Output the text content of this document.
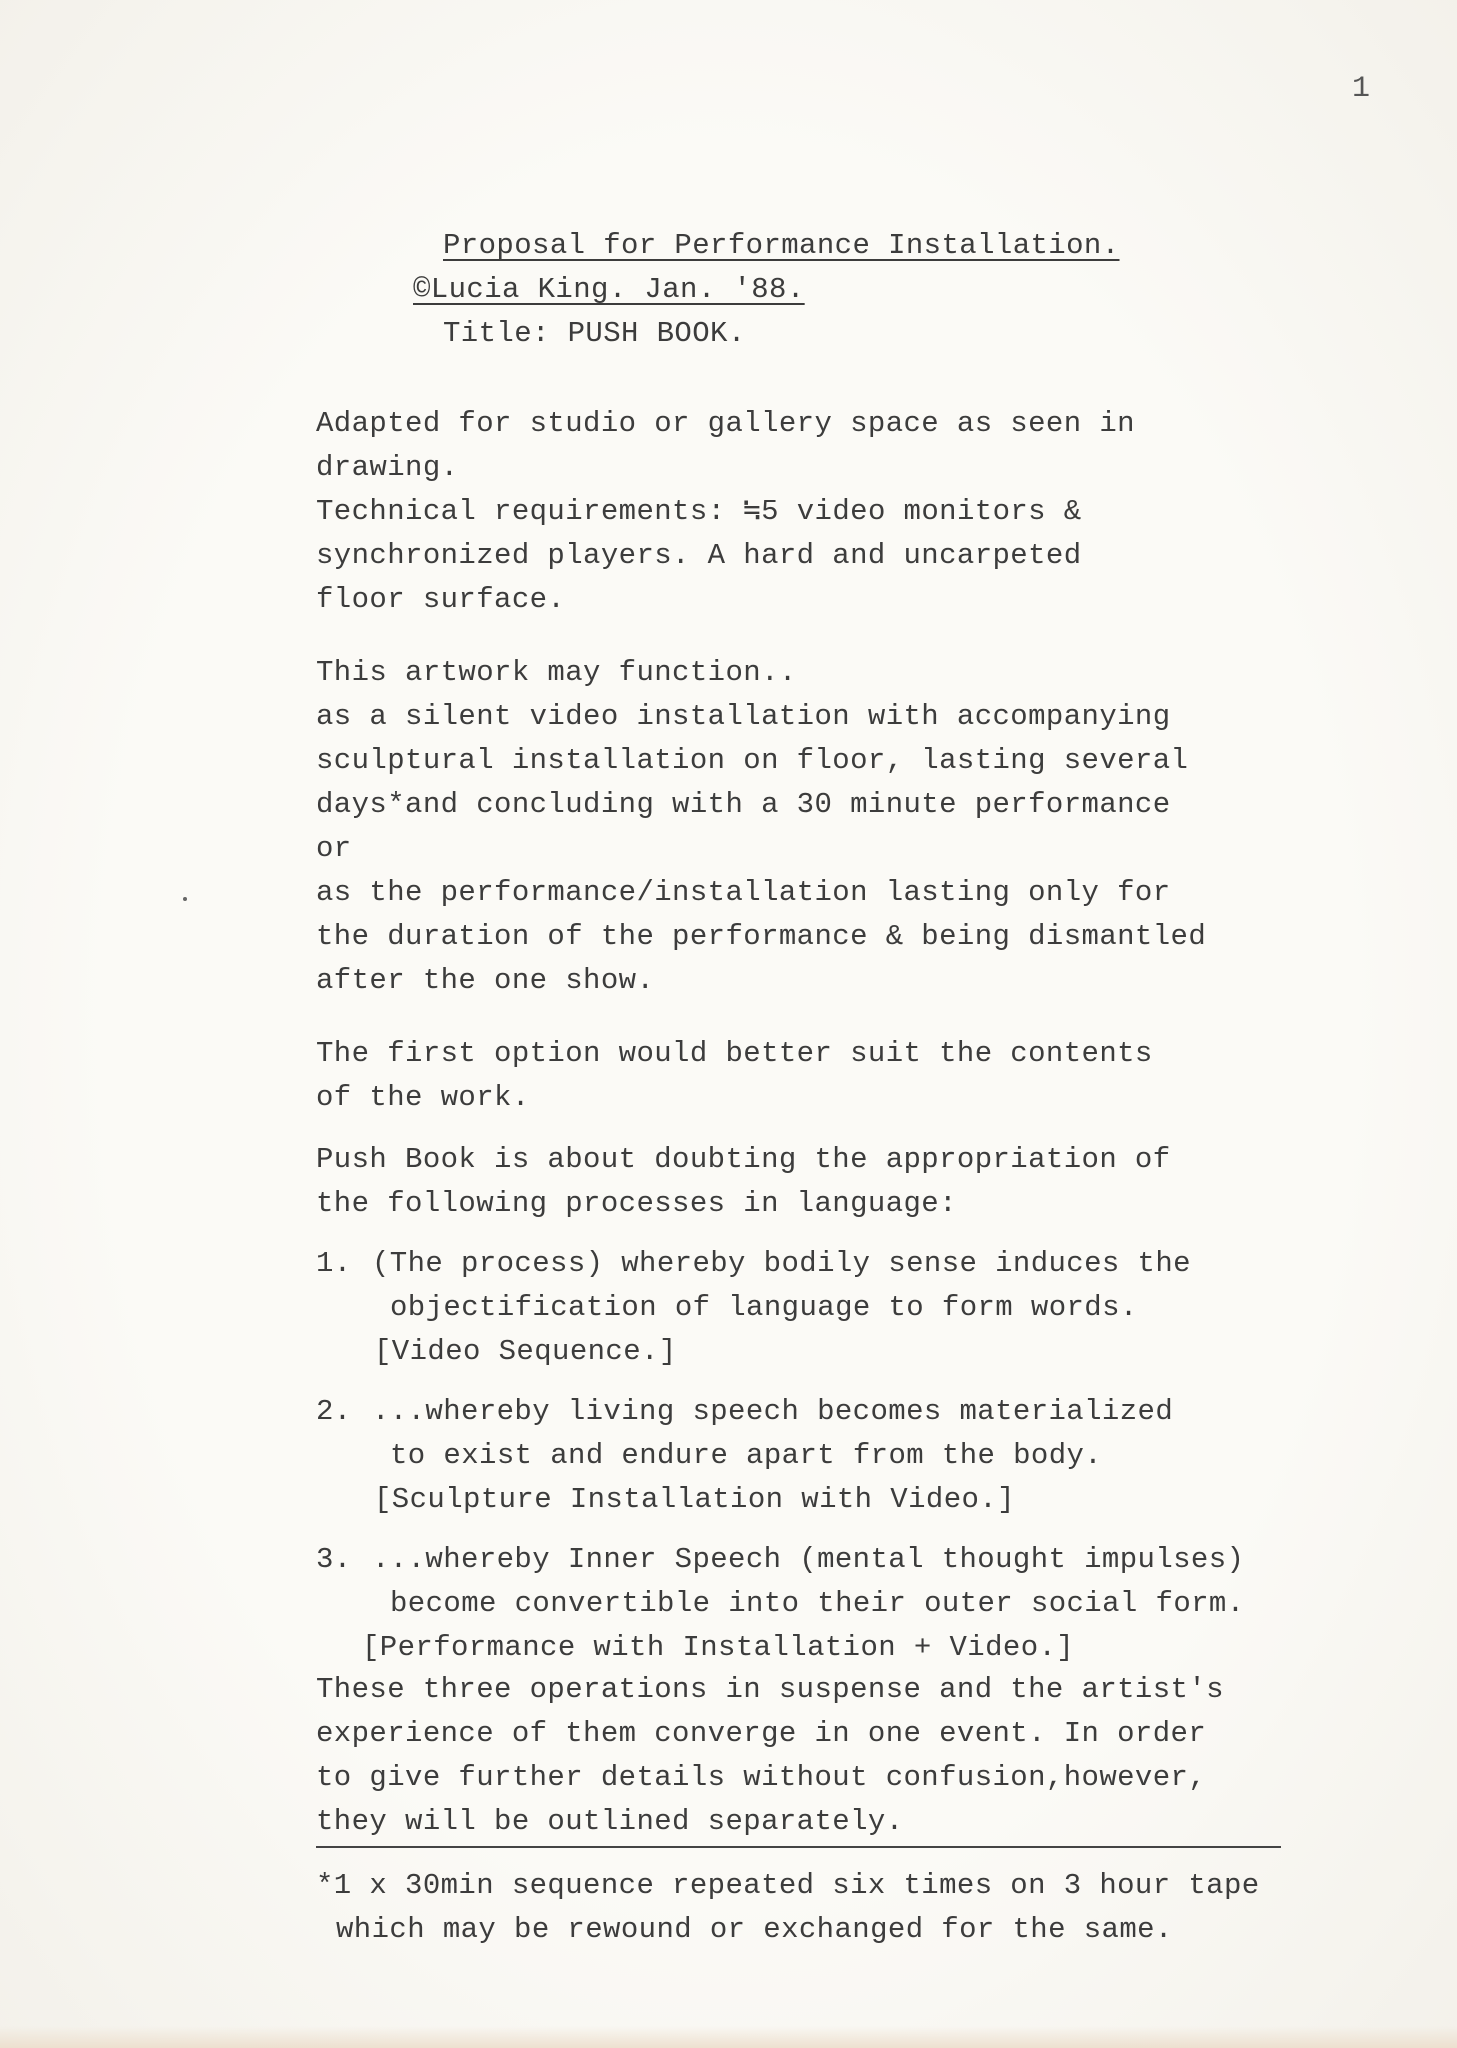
1
Proposal for Performance Installation.
©Lucia King. Jan. '88.
Title: PUSH BOOK.
Adapted for studio or gallery space as seen in
drawing.
Technical requirements: ≒5 video monitors &
synchronized players. A hard and uncarpeted
floor surface.
This artwork may function..
as a silent video installation with accompanying
sculptural installation on floor, lasting several
days*and concluding with a 30 minute performance
or
as the performance/installation lasting only for
the duration of the performance & being dismantled
after the one show.
The first option would better suit the contents
of the work.
Push Book is about doubting the appropriation of
the following processes in language:
1. (The process) whereby bodily sense induces the
objectification of language to form words.
[Video Sequence.]
2. ...whereby living speech becomes materialized
to exist and endure apart from the body.
[Sculpture Installation with Video.]
3. ...whereby Inner Speech (mental thought impulses)
become convertible into their outer social form.
[Performance with Installation + Video.]
These three operations in suspense and the artist's
experience of them converge in one event. In order
to give further details without confusion,however,
they will be outlined separately.
*1 x 30min sequence repeated six times on 3 hour tape
which may be rewound or exchanged for the same.
